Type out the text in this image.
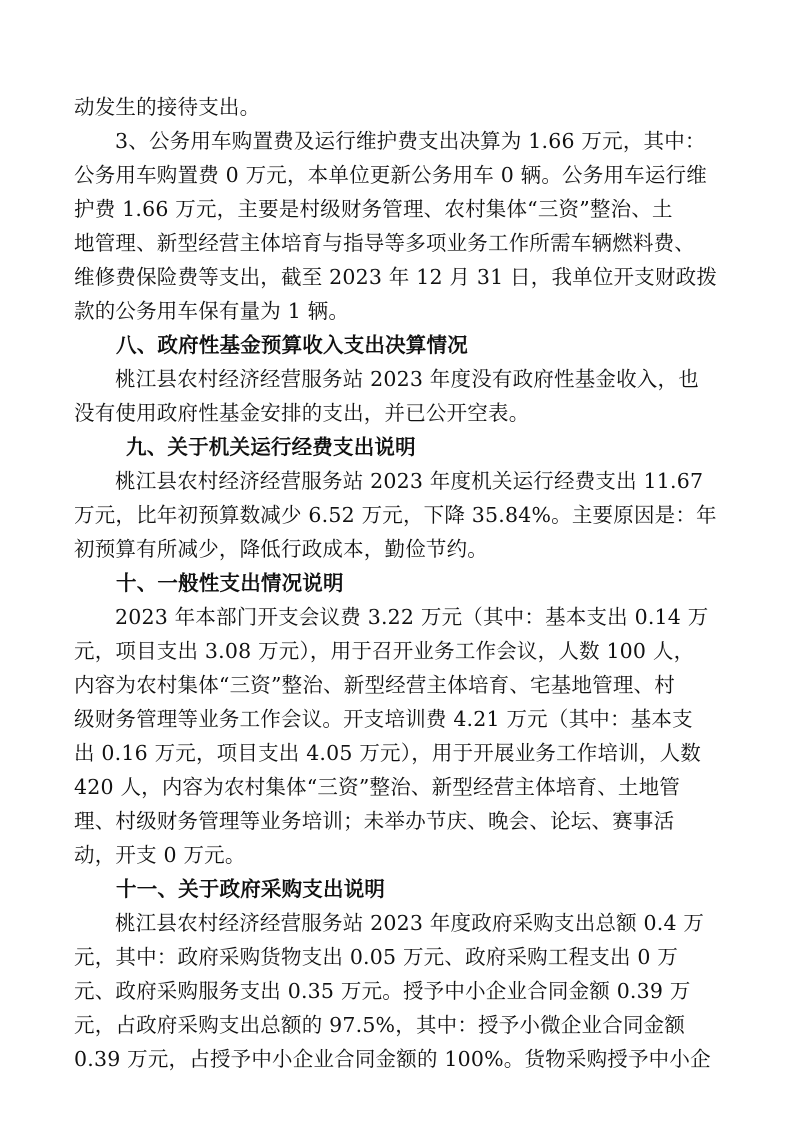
动发生的接待支出。
3、公务用车购置费及运行维护费支出决算为 1.66 万元，其中：
公务用车购置费 0 万元，本单位更新公务用车 0 辆。公务用车运行维
护费 1.66 万元，主要是村级财务管理、农村集体“三资”整治、土
地管理、新型经营主体培育与指导等多项业务工作所需车辆燃料费、
维修费保险费等支出，截至 2023 年 12 月 31 日，我单位开支财政拨
款的公务用车保有量为 1 辆。
八、政府性基金预算收入支出决算情况
桃江县农村经济经营服务站 2023 年度没有政府性基金收入，也
没有使用政府性基金安排的支出，并已公开空表。
九、关于机关运行经费支出说明
桃江县农村经济经营服务站 2023 年度机关运行经费支出 11.67
万元，比年初预算数减少 6.52 万元，下降 35.84%。主要原因是：年
初预算有所减少，降低行政成本，勤俭节约。
十、一般性支出情况说明
2023 年本部门开支会议费 3.22 万元（其中：基本支出 0.14 万
元，项目支出 3.08 万元），用于召开业务工作会议，人数 100 人，
内容为农村集体“三资”整治、新型经营主体培育、宅基地管理、村
级财务管理等业务工作会议。开支培训费 4.21 万元（其中：基本支
出 0.16 万元，项目支出 4.05 万元），用于开展业务工作培训，人数
420 人，内容为农村集体“三资”整治、新型经营主体培育、土地管
理、村级财务管理等业务培训；未举办节庆、晚会、论坛、赛事活
动，开支 0 万元。
十一、关于政府采购支出说明
桃江县农村经济经营服务站 2023 年度政府采购支出总额 0.4 万
元，其中：政府采购货物支出 0.05 万元、政府采购工程支出 0 万
元、政府采购服务支出 0.35 万元。授予中小企业合同金额 0.39 万
元，占政府采购支出总额的 97.5%，其中：授予小微企业合同金额
0.39 万元，占授予中小企业合同金额的 100%。货物采购授予中小企
